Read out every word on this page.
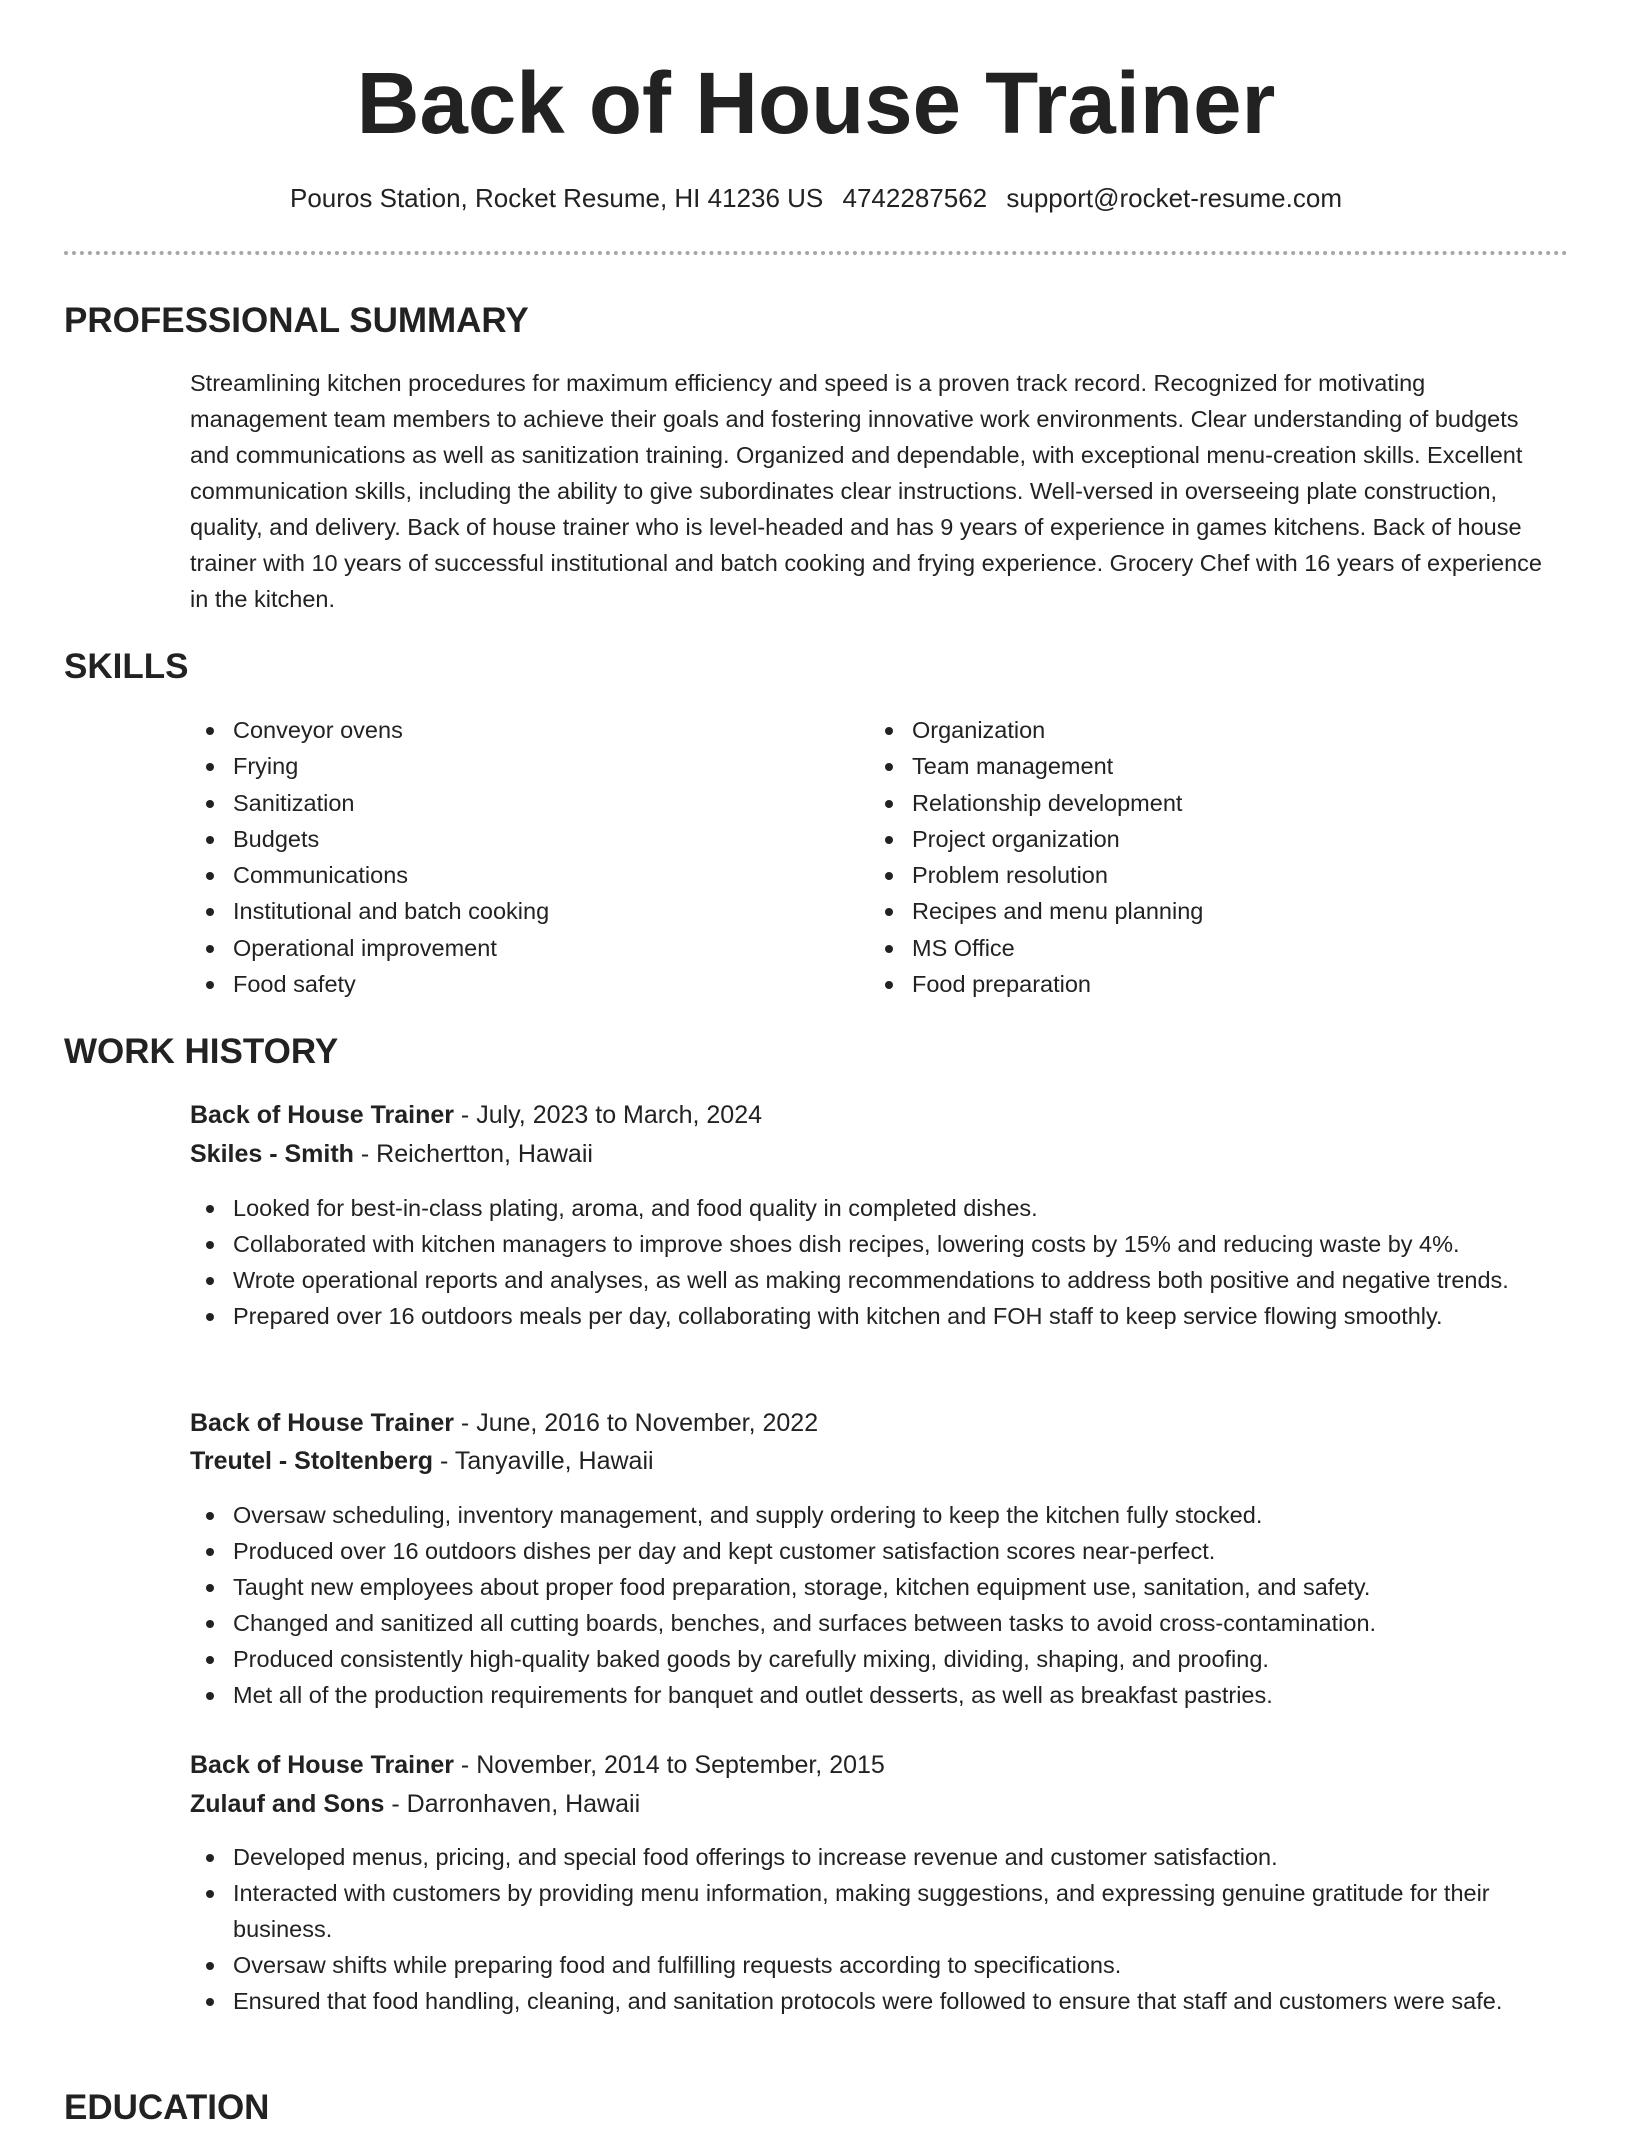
Back of House Trainer
Pouros Station, Rocket Resume, HI 41236 US 4742287562 support@rocket-resume.com
PROFESSIONAL SUMMARY
Streamlining kitchen procedures for maximum efficiency and speed is a proven track record. Recognized for motivating management team members to achieve their goals and fostering innovative work environments. Clear understanding of budgets and communications as well as sanitization training. Organized and dependable, with exceptional menu-creation skills. Excellent communication skills, including the ability to give subordinates clear instructions. Well-versed in overseeing plate construction, quality, and delivery. Back of house trainer who is level-headed and has 9 years of experience in games kitchens. Back of house trainer with 10 years of successful institutional and batch cooking and frying experience. Grocery Chef with 16 years of experience in the kitchen.
SKILLS
Conveyor ovens
Frying
Sanitization
Budgets
Communications
Institutional and batch cooking
Operational improvement
Food safety
Organization
Team management
Relationship development
Project organization
Problem resolution
Recipes and menu planning
MS Office
Food preparation
WORK HISTORY
Back of House Trainer - July, 2023 to March, 2024
Skiles - Smith - Reichertton, Hawaii
Looked for best-in-class plating, aroma, and food quality in completed dishes.
Collaborated with kitchen managers to improve shoes dish recipes, lowering costs by 15% and reducing waste by 4%.
Wrote operational reports and analyses, as well as making recommendations to address both positive and negative trends.
Prepared over 16 outdoors meals per day, collaborating with kitchen and FOH staff to keep service flowing smoothly.
Back of House Trainer - June, 2016 to November, 2022
Treutel - Stoltenberg - Tanyaville, Hawaii
Oversaw scheduling, inventory management, and supply ordering to keep the kitchen fully stocked.
Produced over 16 outdoors dishes per day and kept customer satisfaction scores near-perfect.
Taught new employees about proper food preparation, storage, kitchen equipment use, sanitation, and safety.
Changed and sanitized all cutting boards, benches, and surfaces between tasks to avoid cross-contamination.
Produced consistently high-quality baked goods by carefully mixing, dividing, shaping, and proofing.
Met all of the production requirements for banquet and outlet desserts, as well as breakfast pastries.
Back of House Trainer - November, 2014 to September, 2015
Zulauf and Sons - Darronhaven, Hawaii
Developed menus, pricing, and special food offerings to increase revenue and customer satisfaction.
Interacted with customers by providing menu information, making suggestions, and expressing genuine gratitude for their business.
Oversaw shifts while preparing food and fulfilling requests according to specifications.
Ensured that food handling, cleaning, and sanitation protocols were followed to ensure that staff and customers were safe.
EDUCATION
